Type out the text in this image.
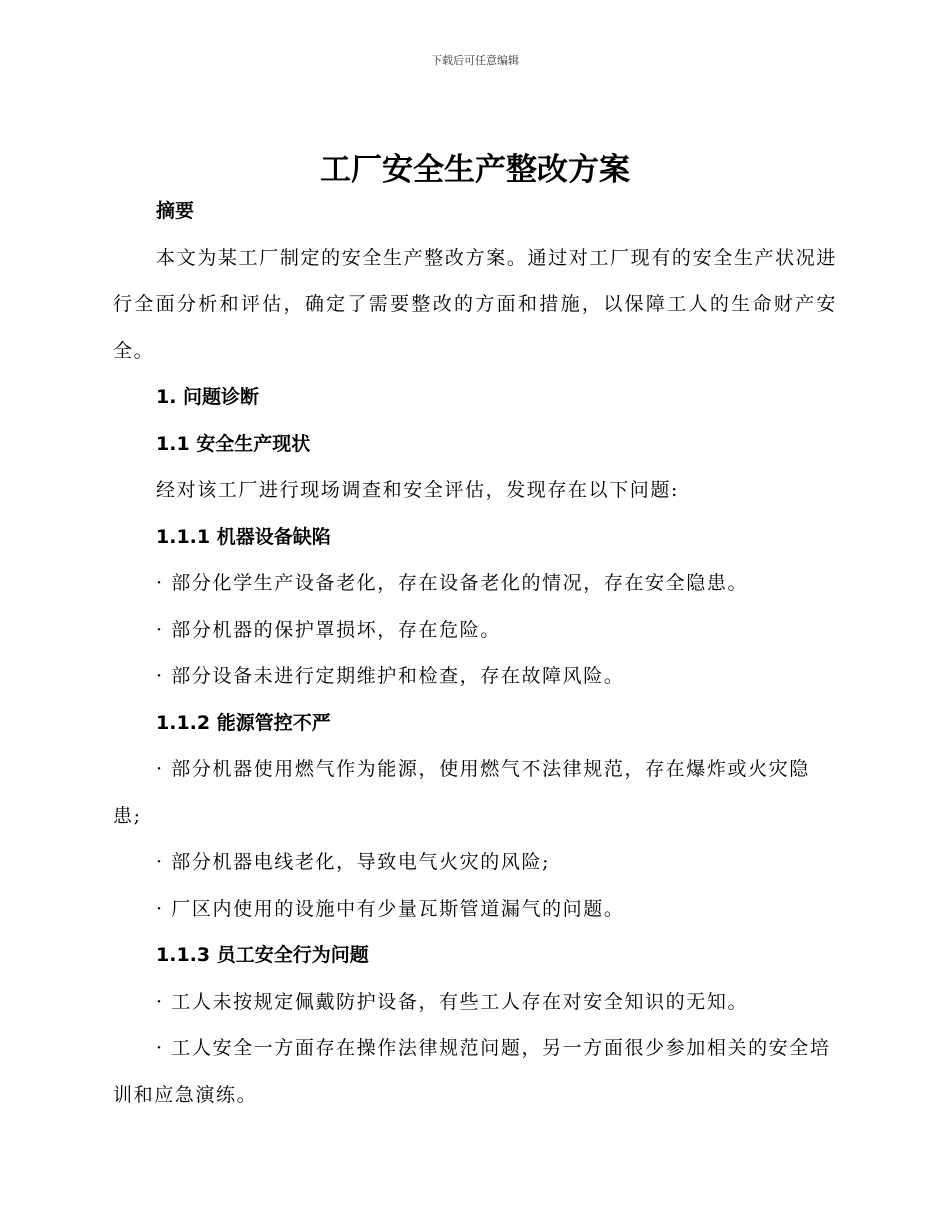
下载后可任意编辑
工厂安全生产整改方案

摘要

本文为某工厂制定的安全生产整改方案。通过对工厂现有的安全生产状况进行全面分析和评估，确定了需要整改的方面和措施，以保障工人的生命财产安全。

1. 问题诊断

1.1 安全生产现状

经对该工厂进行现场调查和安全评估，发现存在以下问题:

1.1.1 机器设备缺陷

· 部分化学生产设备老化，存在设备老化的情况，存在安全隐患。

· 部分机器的保护罩损坏，存在危险。

· 部分设备未进行定期维护和检查，存在故障风险。

1.1.2 能源管控不严

· 部分机器使用燃气作为能源，使用燃气不法律规范，存在爆炸或火灾隐患;

· 部分机器电线老化，导致电气火灾的风险;

· 厂区内使用的设施中有少量瓦斯管道漏气的问题。

1.1.3 员工安全行为问题

· 工人未按规定佩戴防护设备，有些工人存在对安全知识的无知。

· 工人安全一方面存在操作法律规范问题，另一方面很少参加相关的安全培训和应急演练。
